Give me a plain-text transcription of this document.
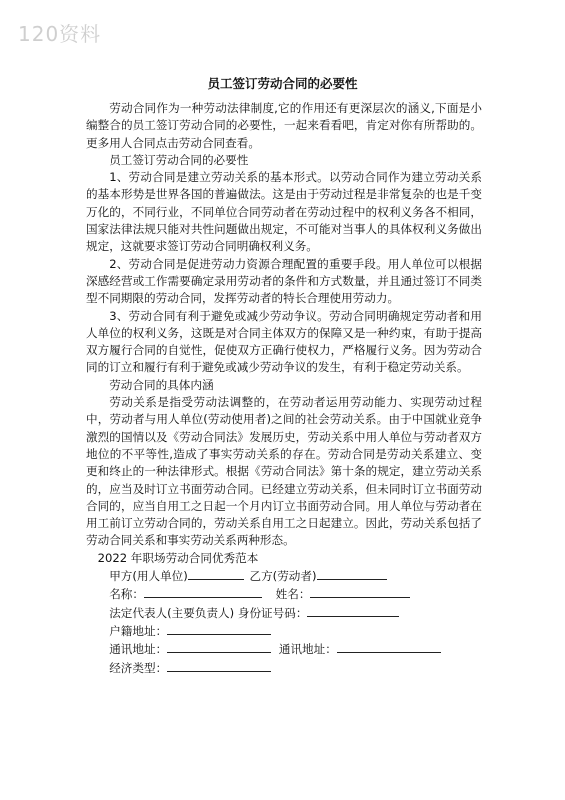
120资料
员工签订劳动合同的必要性

劳动合同作为一种劳动法律制度,它的作用还有更深层次的涵义,下面是小编整合的员工签订劳动合同的必要性，一起来看看吧，肯定对你有所帮助的。更多用人合同点击劳动合同查看。

员工签订劳动合同的必要性

1、劳动合同是建立劳动关系的基本形式。以劳动合同作为建立劳动关系的基本形势是世界各国的普遍做法。这是由于劳动过程是非常复杂的也是千变万化的，不同行业，不同单位合同劳动者在劳动过程中的权利义务各不相同，国家法律法规只能对共性问题做出规定，不可能对当事人的具体权利义务做出规定，这就要求签订劳动合同明确权利义务。

2、劳动合同是促进劳动力资源合理配置的重要手段。用人单位可以根据深感经营或工作需要确定录用劳动者的条件和方式数量，并且通过签订不同类型不同期限的劳动合同，发挥劳动者的特长合理使用劳动力。

3、劳动合同有利于避免或减少劳动争议。劳动合同明确规定劳动者和用人单位的权利义务，这既是对合同主体双方的保障又是一种约束，有助于提高双方履行合同的自觉性，促使双方正确行使权力，严格履行义务。因为劳动合同的订立和履行有利于避免或减少劳动争议的发生，有利于稳定劳动关系。

劳动合同的具体内涵

劳动关系是指受劳动法调整的，在劳动者运用劳动能力、实现劳动过程中，劳动者与用人单位(劳动使用者)之间的社会劳动关系。由于中国就业竞争激烈的国情以及《劳动合同法》发展历史，劳动关系中用人单位与劳动者双方地位的不平等性,造成了事实劳动关系的存在。劳动合同是劳动关系建立、变更和终止的一种法律形式。根据《劳动合同法》第十条的规定，建立劳动关系的，应当及时订立书面劳动合同。已经建立劳动关系，但未同时订立书面劳动合同的，应当自用工之日起一个月内订立书面劳动合同。用人单位与劳动者在用工前订立劳动合同的，劳动关系自用工之日起建立。因此，劳动关系包括了劳动合同关系和事实劳动关系两种形态。

2022 年职场劳动合同优秀范本
甲方(用人单位)	乙方(劳动者)
名称：	姓名：
法定代表人(主要负责人) 身份证号码：
户籍地址：
通讯地址：	通讯地址：
经济类型：
